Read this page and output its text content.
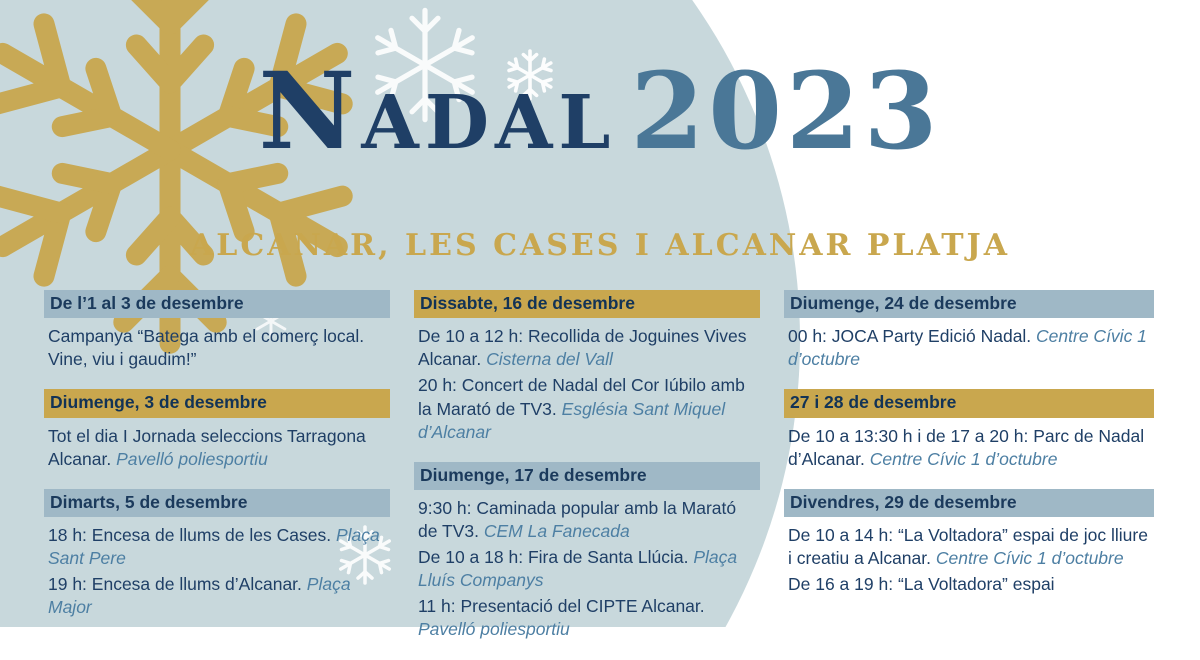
Nadal 2023
ALCANAR, LES CASES I ALCANAR PLATJA
De l’1 al 3 de desembre

Campanya “Batega amb el comerç local. Vine, viu i gaudim!”

Diumenge, 3 de desembre

Tot el dia I Jornada seleccions Tarragona Alcanar. Pavelló poliesportiu

Dimarts, 5 de desembre

18 h: Encesa de llums de les Cases. Plaça Sant Pere

19 h: Encesa de llums d’Alcanar. Plaça Major

Dissabte, 16 de desembre

De 10 a 12 h: Recollida de Joguines Vives Alcanar. Cisterna del Vall

20 h: Concert de Nadal del Cor Iúbilo amb la Marató de TV3. Església Sant Miquel d’Alcanar

Diumenge, 17 de desembre

9:30 h: Caminada popular amb la Marató de TV3. CEM La Fanecada

De 10 a 18 h: Fira de Santa Llúcia. Plaça Lluís Companys

11 h: Presentació del CIPTE Alcanar. Pavelló poliesportiu

Diumenge, 24 de desembre

00 h: JOCA Party Edició Nadal. Centre Cívic 1 d’octubre

27 i 28 de desembre

De 10 a 13:30 h i de 17 a 20 h: Parc de Nadal d’Alcanar. Centre Cívic 1 d’octubre

Divendres, 29 de desembre

De 10 a 14 h: “La Voltadora” espai de joc lliure i creatiu a Alcanar. Centre Cívic 1 d’octubre

De 16 a 19 h: “La Voltadora” espai
